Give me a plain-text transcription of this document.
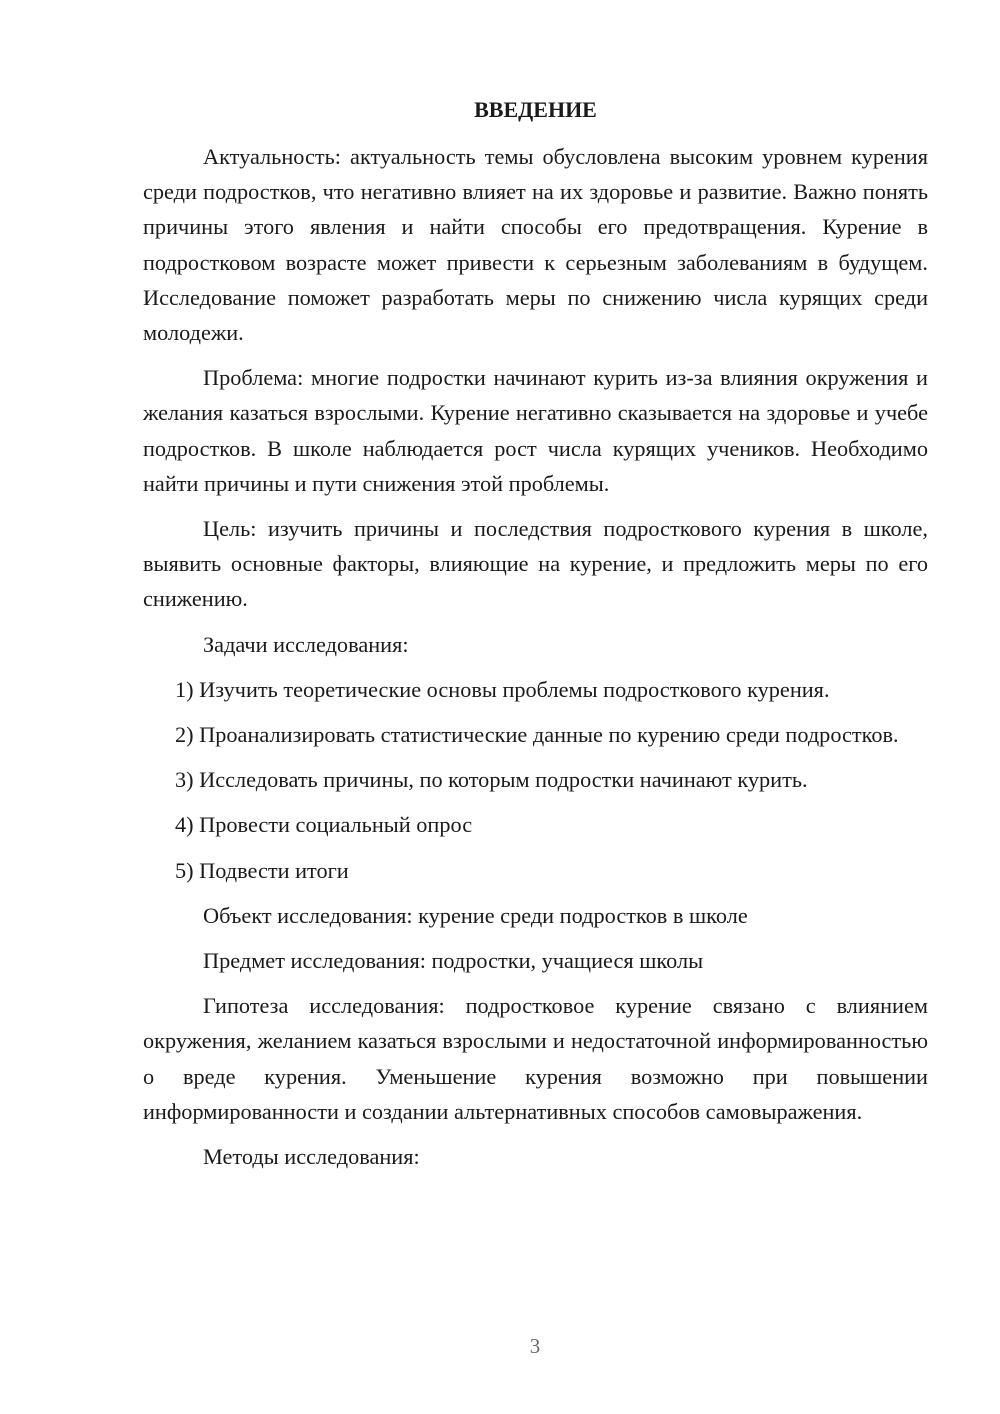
ВВЕДЕНИЕ

Актуальность: актуальность темы обусловлена высоким уровнем курения среди подростков, что негативно влияет на их здоровье и развитие. Важно понять причины этого явления и найти способы его предотвращения. Курение в подростковом возрасте может привести к серьезным заболеваниям в будущем. Исследование поможет разработать меры по снижению числа курящих среди молодежи.

Проблема: многие подростки начинают курить из-за влияния окружения и желания казаться взрослыми. Курение негативно сказывается на здоровье и учебе подростков. В школе наблюдается рост числа курящих учеников. Необходимо найти причины и пути снижения этой проблемы.

Цель: изучить причины и последствия подросткового курения в школе, выявить основные факторы, влияющие на курение, и предложить меры по его снижению.

Задачи исследования:

1) Изучить теоретические основы проблемы подросткового курения.

2) Проанализировать статистические данные по курению среди подростков.

3) Исследовать причины, по которым подростки начинают курить.

4) Провести социальный опрос

5) Подвести итоги

Объект исследования: курение среди подростков в школе

Предмет исследования: подростки, учащиеся школы

Гипотеза исследования: подростковое курение связано с влиянием окружения, желанием казаться взрослыми и недостаточной информированностью о вреде курения. Уменьшение курения возможно при повышении информированности и создании альтернативных способов самовыражения.

Методы исследования:

3
